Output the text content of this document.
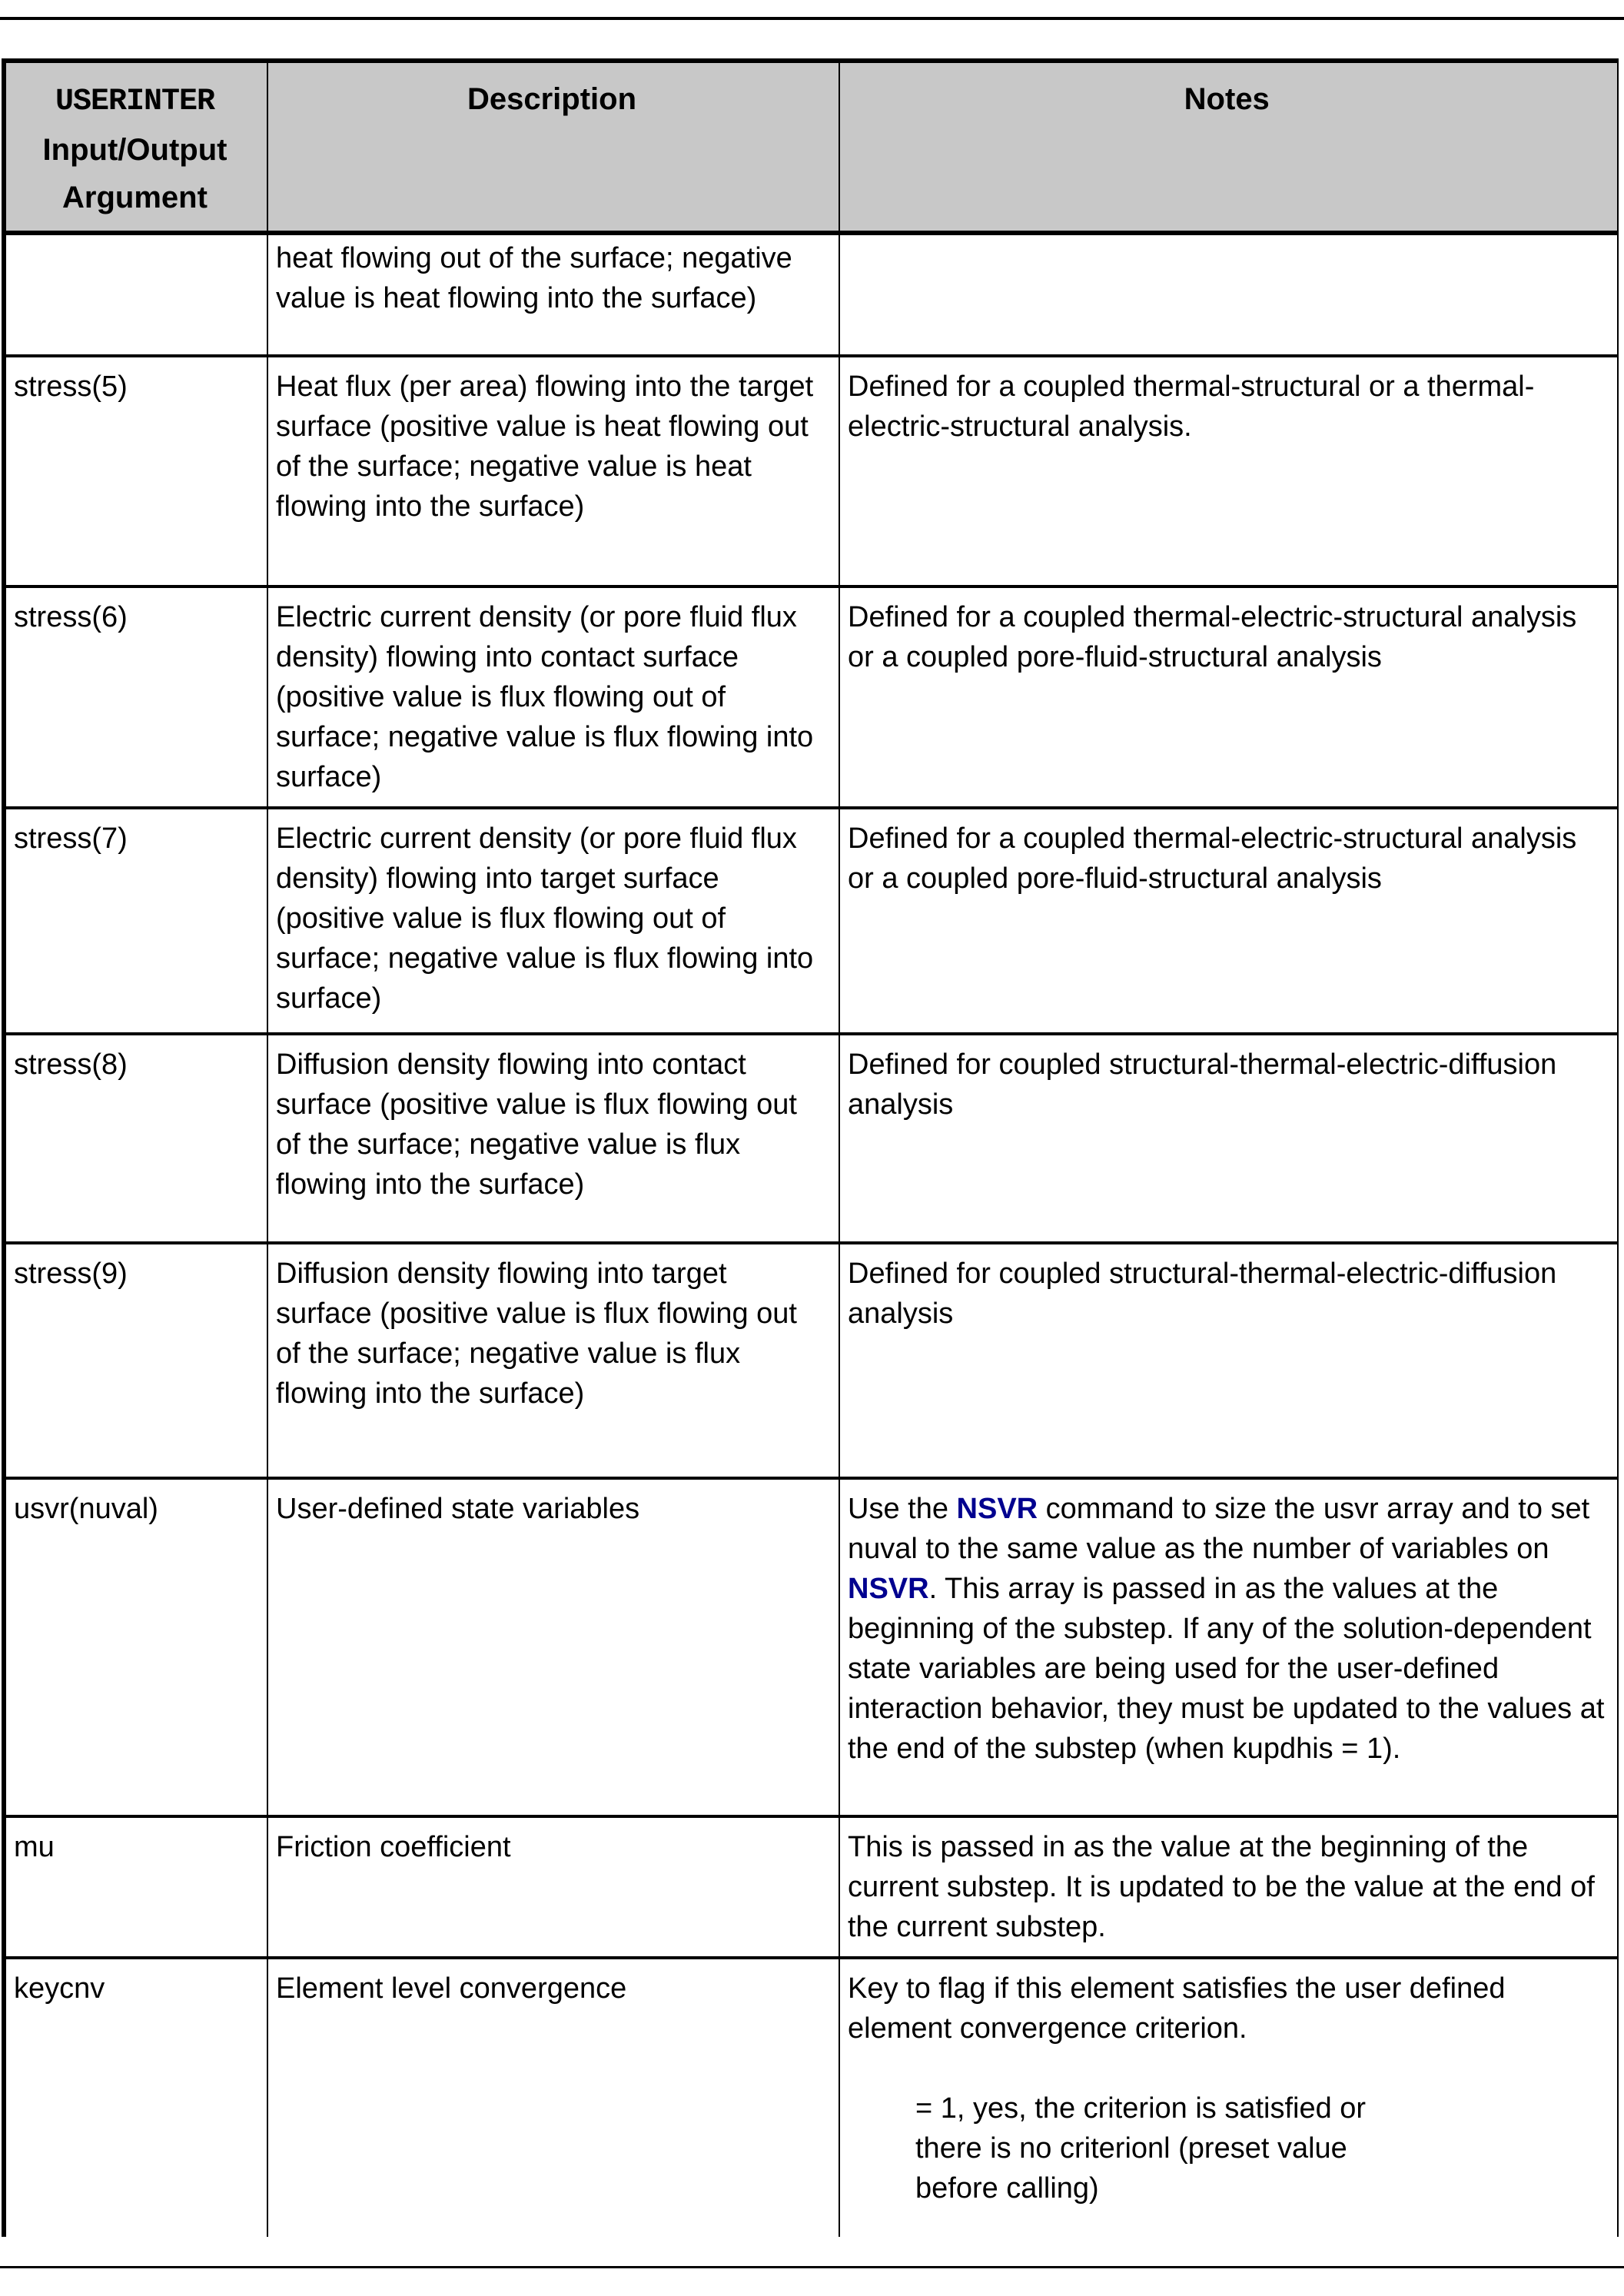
USERINTER
Input/Output
Argument	Description	Notes
	heat flowing out of the surface; negative value is heat flowing into the surface)	
stress(5)	Heat flux (per area) flowing into the target surface (positive value is heat flowing out of the surface; negative value is heat flowing into the surface)	Defined for a coupled thermal-structural or a thermal-electric-structural analysis.
stress(6)	Electric current density (or pore fluid flux density) flowing into contact surface (positive value is flux flowing out of surface; negative value is flux flowing into surface)	Defined for a coupled thermal-electric-structural analysis or a coupled pore-fluid-structural analysis
stress(7)	Electric current density (or pore fluid flux density) flowing into target surface (positive value is flux flowing out of surface; negative value is flux flowing into surface)	Defined for a coupled thermal-electric-structural analysis or a coupled pore-fluid-structural analysis
stress(8)	Diffusion density flowing into contact surface (positive value is flux flowing out of the surface; negative value is flux flowing into the surface)	Defined for coupled structural-thermal-electric-diffusion analysis
stress(9)	Diffusion density flowing into target surface (positive value is flux flowing out of the surface; negative value is flux flowing into the surface)	Defined for coupled structural-thermal-electric-diffusion analysis
usvr(nuval)	User-defined state variables	Use the NSVR command to size the usvr array and to set nuval to the same value as the number of variables on NSVR. This array is passed in as the values at the beginning of the substep. If any of the solution-dependent state variables are being used for the user-defined interaction behavior, they must be updated to the values at the end of the substep (when kupdhis = 1).
mu	Friction coefficient	This is passed in as the value at the beginning of the current substep. It is updated to be the value at the end of the current substep.
keycnv	Element level convergence	Key to flag if this element satisfies the user defined element convergence criterion.
= 1, yes, the criterion is satisfied or
there is no criterionl (preset value
before calling)
